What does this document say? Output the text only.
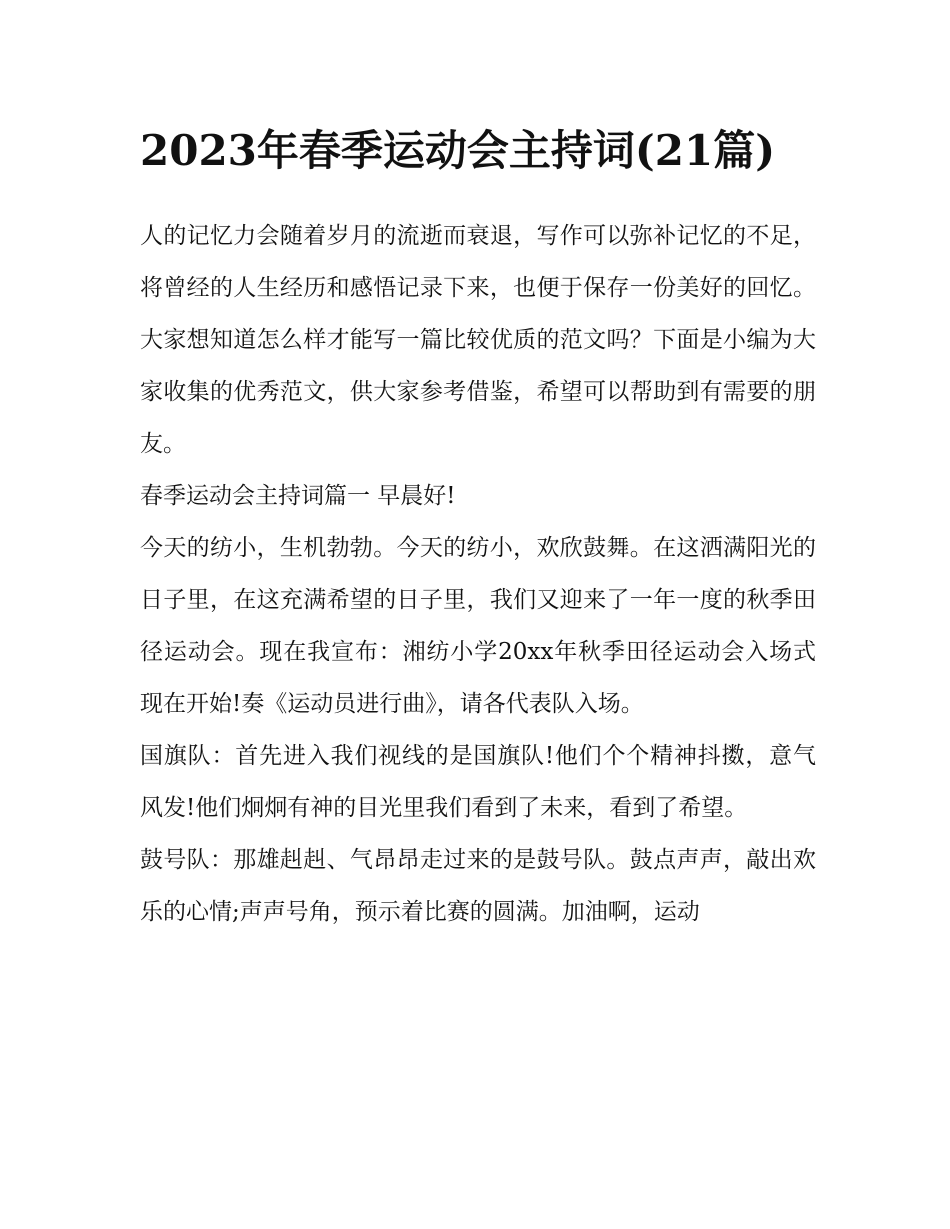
2023年春季运动会主持词(21篇)

人的记忆力会随着岁月的流逝而衰退，写作可以弥补记忆的不足，将曾经的人生经历和感悟记录下来，也便于保存一份美好的回忆。大家想知道怎么样才能写一篇比较优质的范文吗？下面是小编为大家收集的优秀范文，供大家参考借鉴，希望可以帮助到有需要的朋友。

春季运动会主持词篇一 早晨好!

今天的纺小，生机勃勃。今天的纺小，欢欣鼓舞。在这洒满阳光的日子里，在这充满希望的日子里，我们又迎来了一年一度的秋季田径运动会。现在我宣布：湘纺小学20xx年秋季田径运动会入场式现在开始!奏《运动员进行曲》，请各代表队入场。

国旗队：首先进入我们视线的是国旗队!他们个个精神抖擞，意气风发!他们炯炯有神的目光里我们看到了未来，看到了希望。

鼓号队：那雄赳赳、气昂昂走过来的是鼓号队。鼓点声声，敲出欢乐的心情;声声号角，预示着比赛的圆满。加油啊，运动
